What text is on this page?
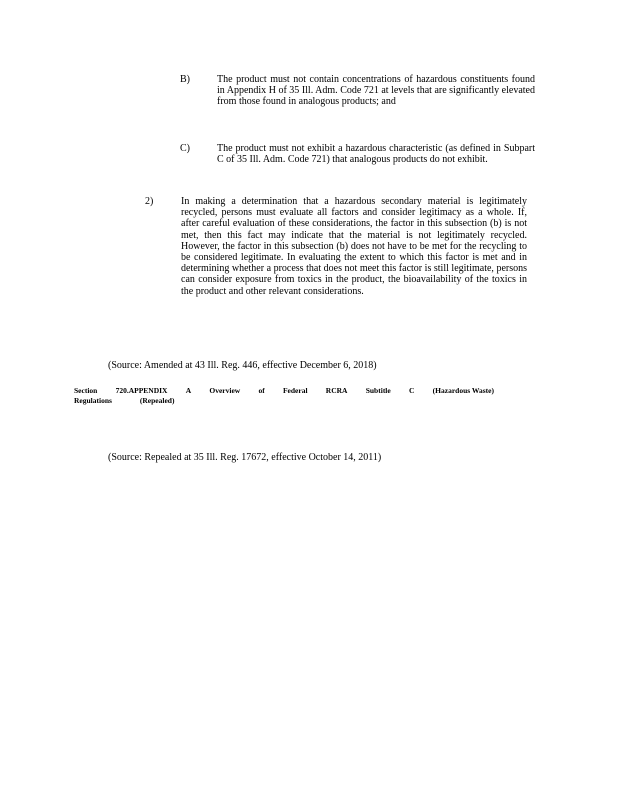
B)	The product must not contain concentrations of hazardous constituents found in Appendix H of 35 Ill. Adm. Code 721 at levels that are significantly elevated from those found in analogous products; and

C)	The product must not exhibit a hazardous characteristic (as defined in Subpart C of 35 Ill. Adm. Code 721) that analogous products do not exhibit.

2)	In making a determination that a hazardous secondary material is legitimately recycled, persons must evaluate all factors and consider legitimacy as a whole. If, after careful evaluation of these considerations, the factor in this subsection (b) is not met, then this fact may indicate that the material is not legitimately recycled. However, the factor in this subsection (b) does not have to be met for the recycling to be considered legitimate. In evaluating the extent to which this factor is met and in determining whether a process that does not meet this factor is still legitimate, persons can consider exposure from toxics in the product, the bioavailability of the toxics in the product and other relevant considerations.

(Source: Amended at 43 Ill. Reg. 446, effective December 6, 2018)
Section 720.APPENDIX A Overview of Federal RCRA Subtitle C (Hazardous Waste)
Regulations	(Repealed)
(Source: Repealed at 35 Ill. Reg. 17672, effective October 14, 2011)
